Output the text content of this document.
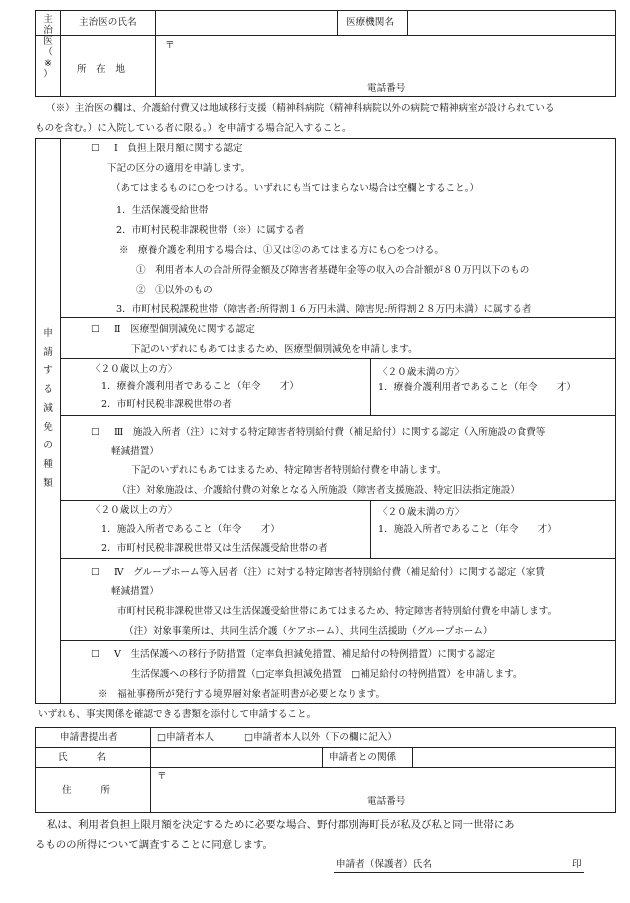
主
治
医
（
※
）
主治医の氏名	医療機関名
所　在　地
〒
電話番号
（※）主治医の欄は、介護給付費又は地域移行支援（精神科病院（精神科病院以外の病院で精神病室が設けられている
ものを含む。）に入院している者に限る。）を申請する場合記入すること。
申
請
す
る
減
免
の
種
類
□ Ⅰ　負担上限月額に関する認定
下記の区分の適用を申請します。
（あてはまるものに○をつける。いずれにも当てはまらない場合は空欄とすること。）
1．生活保護受給世帯
2．市町村民税非課税世帯（※）に属する者
※　療養介護を利用する場合は、①又は②のあてはまる方にも○をつける。
①　利用者本人の合計所得金額及び障害者基礎年金等の収入の合計額が８０万円以下のもの
②　①以外のもの
3．市町村民税課税世帯（障害者:所得割１６万円未満、障害児:所得割２８万円未満）に属する者
□ Ⅱ　医療型個別減免に関する認定
下記のいずれにもあてはまるため、医療型個別減免を申請します。
〈２０歳以上の方〉
1．療養介護利用者であること（年令　　才）
2．市町村民税非課税世帯の者
〈２０歳未満の方〉
1．療養介護利用者であること（年令　　才）
□ Ⅲ　施設入所者（注）に対する特定障害者特別給付費（補足給付）に関する認定（入所施設の食費等
軽減措置）
下記のいずれにもあてはまるため、特定障害者特別給付費を申請します。
（注）対象施設は、介護給付費の対象となる入所施設（障害者支援施設、特定旧法指定施設）
〈２０歳以上の方〉
1．施設入所者であること（年令　　才）
2．市町村民税非課税世帯又は生活保護受給世帯の者
〈２０歳未満の方〉
1．施設入所者であること（年令　　才）
□ Ⅳ　グループホーム等入居者（注）に対する特定障害者特別給付費（補足給付）に関する認定（家賃
軽減措置）
市町村民税非課税世帯又は生活保護受給世帯にあてはまるため、特定障害者特別給付費を申請します。
（注）対象事業所は、共同生活介護（ケアホーム）、共同生活援助（グループホーム）
□ Ⅴ　生活保護への移行予防措置（定率負担減免措置、補足給付の特例措置）に関する認定
生活保護への移行予防措置（□定率負担減免措置　□補足給付の特例措置）を申請します。
※　福祉事務所が発行する境界層対象者証明書が必要となります。
いずれも、事実関係を確認できる書類を添付して申請すること。
申請書提出者	□申請者本人	□申請者本人以外（下の欄に記入）
氏　　　名	申請者との関係
住　　　所
〒
電話番号
私は、利用者負担上限月額を決定するために必要な場合、野付郡別海町長が私及び私と同一世帯にあ
るものの所得について調査することに同意します。
申請者（保護者）氏名	印
